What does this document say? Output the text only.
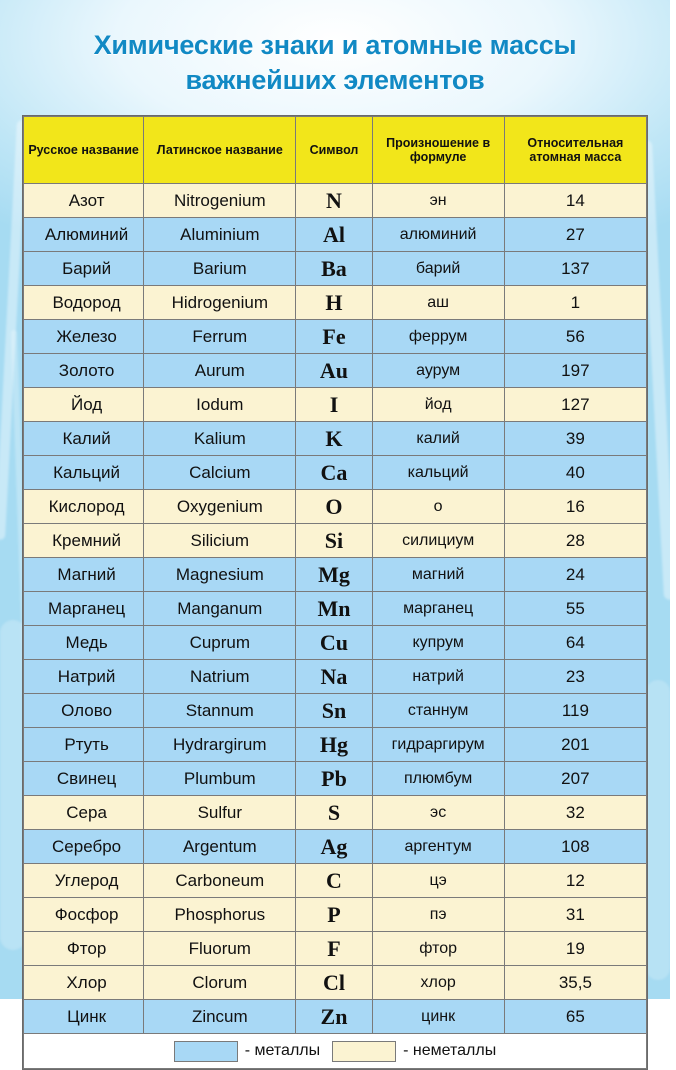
Химические знаки и атомные массы важнейших элементов
Русское название	Латинское название	Символ	Произношение в формуле	Относительная атомная масса
Азот	Nitrogenium	N	эн	14
Алюминий	Aluminium	Al	алюминий	27
Барий	Barium	Ba	барий	137
Водород	Hidrogenium	H	аш	1
Железо	Ferrum	Fe	феррум	56
Золото	Aurum	Au	аурум	197
Йод	Iodum	I	йод	127
Калий	Kalium	K	калий	39
Кальций	Calcium	Ca	кальций	40
Кислород	Oxygenium	O	о	16
Кремний	Silicium	Si	силициум	28
Магний	Magnesium	Mg	магний	24
Марганец	Manganum	Mn	марганец	55
Медь	Cuprum	Cu	купрум	64
Натрий	Natrium	Na	натрий	23
Олово	Stannum	Sn	станнум	119
Ртуть	Hydrargirum	Hg	гидраргирум	201
Свинец	Plumbum	Pb	плюмбум	207
Сера	Sulfur	S	эс	32
Серебро	Argentum	Ag	аргентум	108
Углерод	Carboneum	C	цэ	12
Фосфор	Phosphorus	P	пэ	31
Фтор	Fluorum	F	фтор	19
Хлор	Clorum	Cl	хлор	35,5
Цинк	Zincum	Zn	цинк	65

- металлы - неметаллы				
